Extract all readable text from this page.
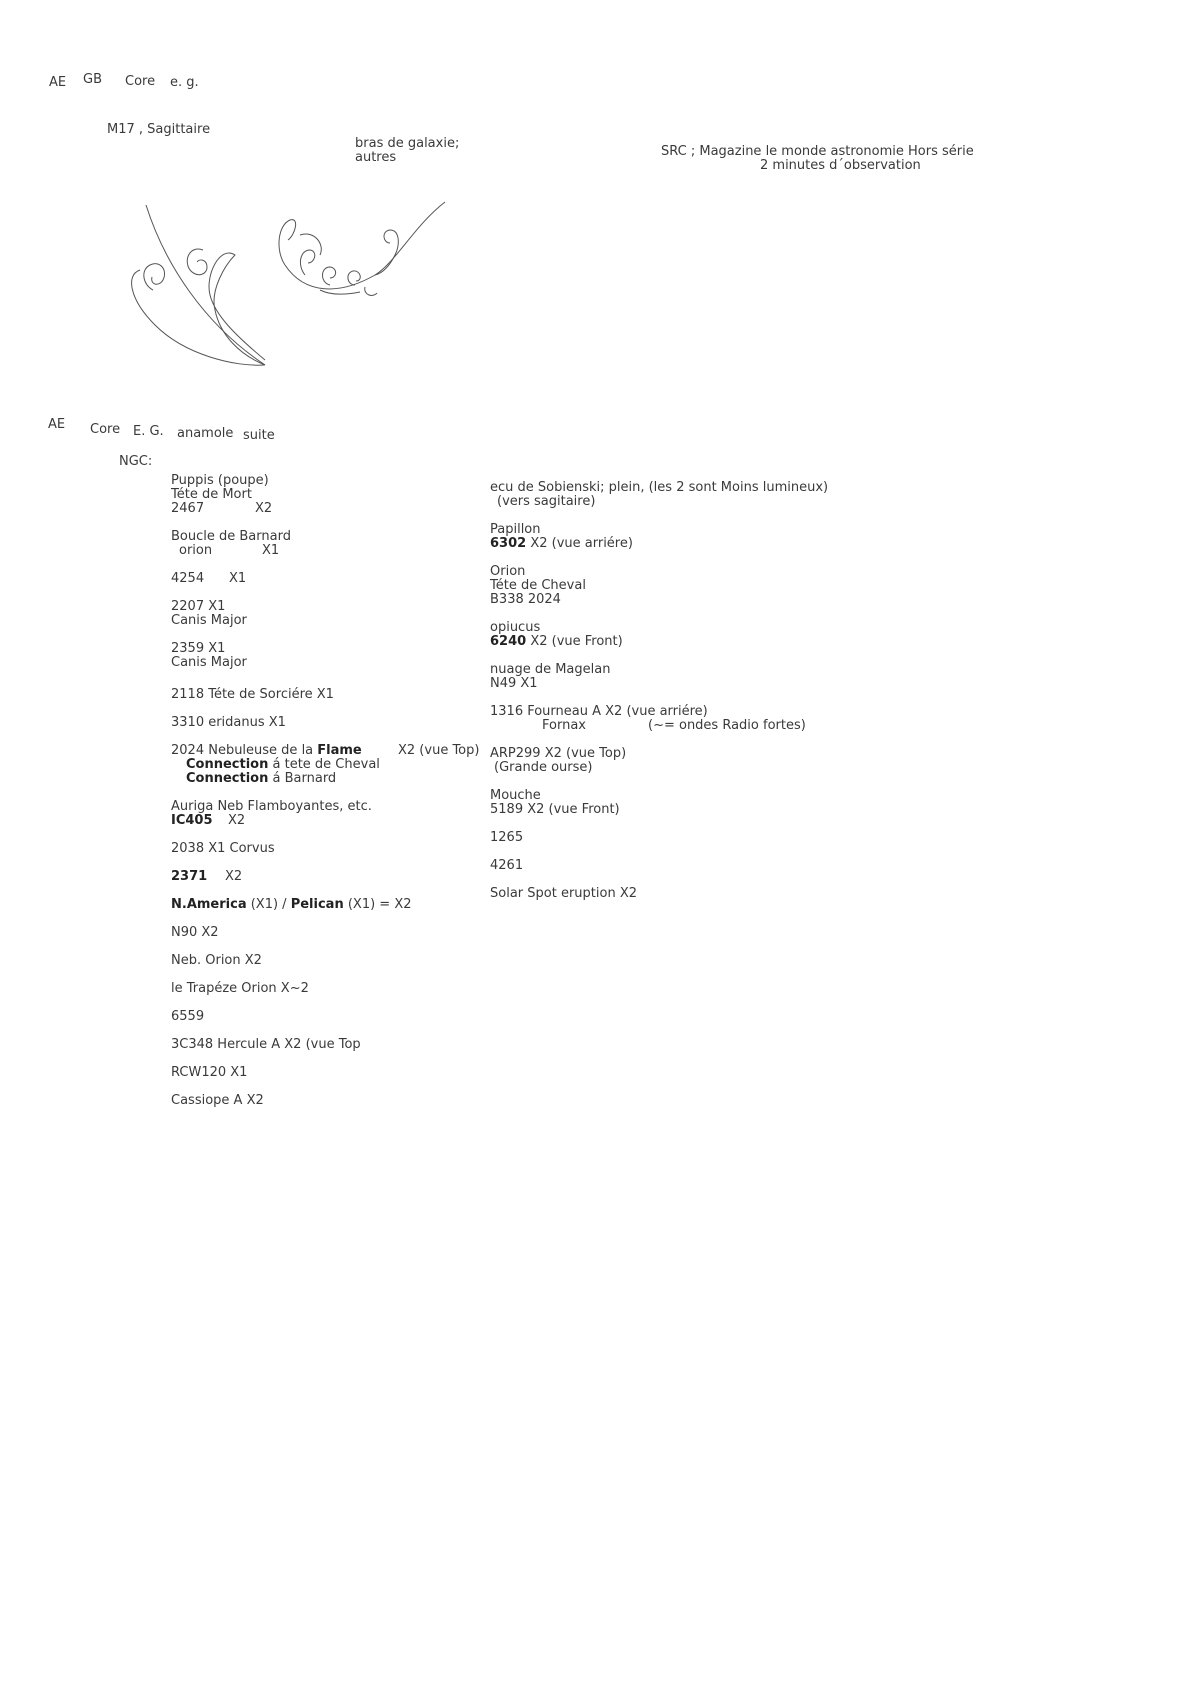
AE GB Core e. g.
M17 , Sagittaire
bras de galaxie;
autres	SRC ; Magazine le monde astronomie Hors série
2 minutes d´observation
AE Core E. G. anamole suite
NGC:
Puppis (poupe)
Téte de Mort
2467	X2
Boucle de Barnard
orion	X1
4254 X1
2207 X1
Canis Major
2359 X1
Canis Major
2118 Téte de Sorciére X1
3310 eridanus X1
2024 Nebuleuse de la Flame
Connection á tete de Cheval
Connection á Barnard
X2 (vue Top)
Auriga Neb Flamboyantes, etc.
IC405	X2
2038 X1 Corvus
2371 X2
N.America (X1) / Pelican (X1) = X2
N90 X2
Neb. Orion X2
le Trapéze Orion X~2
6559
3C348 Hercule A X2 (vue Top
RCW120 X1
Cassiope A X2
ecu de Sobienski; plein, (les 2 sont Moins lumineux)
(vers sagitaire)
Papillon
6302 X2 (vue arriére)
Orion
Téte de Cheval
B338 2024
opiucus
6240 X2 (vue Front)
nuage de Magelan
N49 X1
1316 Fourneau A X2 (vue arriére)
Fornax	(~= ondes Radio fortes)
ARP299 X2 (vue Top)
(Grande ourse)
Mouche
5189 X2 (vue Front)
1265
4261
Solar Spot eruption X2
